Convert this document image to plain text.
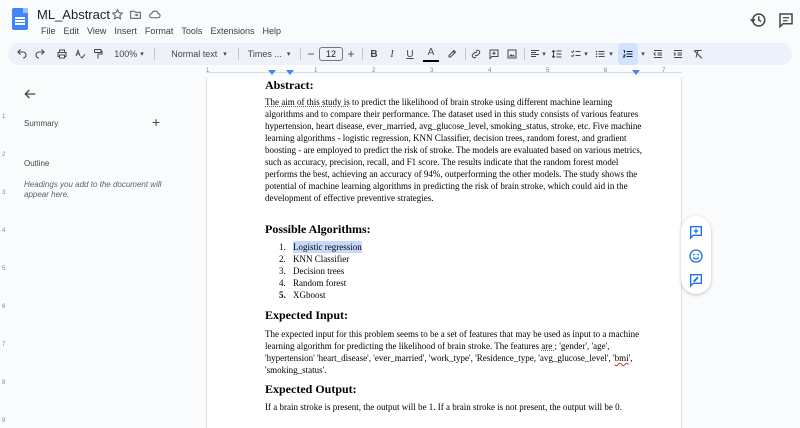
ML_Abstract
File Edit View Insert Format Tools Extensions Help
100% ▾	Normal text ▾ Times ... ▾ −	12 +	B	I	U	A	▾	▾	▾	▾
1	1	2	3	4	5	6	7
1
2
3
4
5
6
7
8
9
Summary	+
Outline
Headings you add to the document will appear here.
Abstract:
The aim of this study is to predict the likelihood of brain stroke using different machine learning algorithms and to compare their performance. The dataset used in this study consists of various features hypertension, heart disease, ever_married, avg_glucose_level, smoking_status, stroke, etc. Five machine learning algorithms - logistic regression, KNN Classifier, decision trees, random forest, and gradient boosting - are employed to predict the risk of stroke. The models are evaluated based on various metrics, such as accuracy, precision, recall, and F1 score. The results indicate that the random forest model performs the best, achieving an accuracy of 94%, outperforming the other models. The study shows the potential of machine learning algorithms in predicting the risk of brain stroke, which could aid in the development of effective preventive strategies.
Possible Algorithms:
1. Logistic regression
2. KNN Classifier
3. Decision trees
4. Random forest
5. XGboost
Expected Input:
The expected input for this problem seems to be a set of features that may be used as input to a machine learning algorithm for predicting the likelihood of brain stroke. The features are ; 'gender', 'age', 'hypertension' 'heart_disease', 'ever_married', 'work_type', 'Residence_type, 'avg_glucose_level', 'bmi', 'smoking_status'.
Expected Output:
If a brain stroke is present, the output will be 1. If a brain stroke is not present, the output will be 0.
